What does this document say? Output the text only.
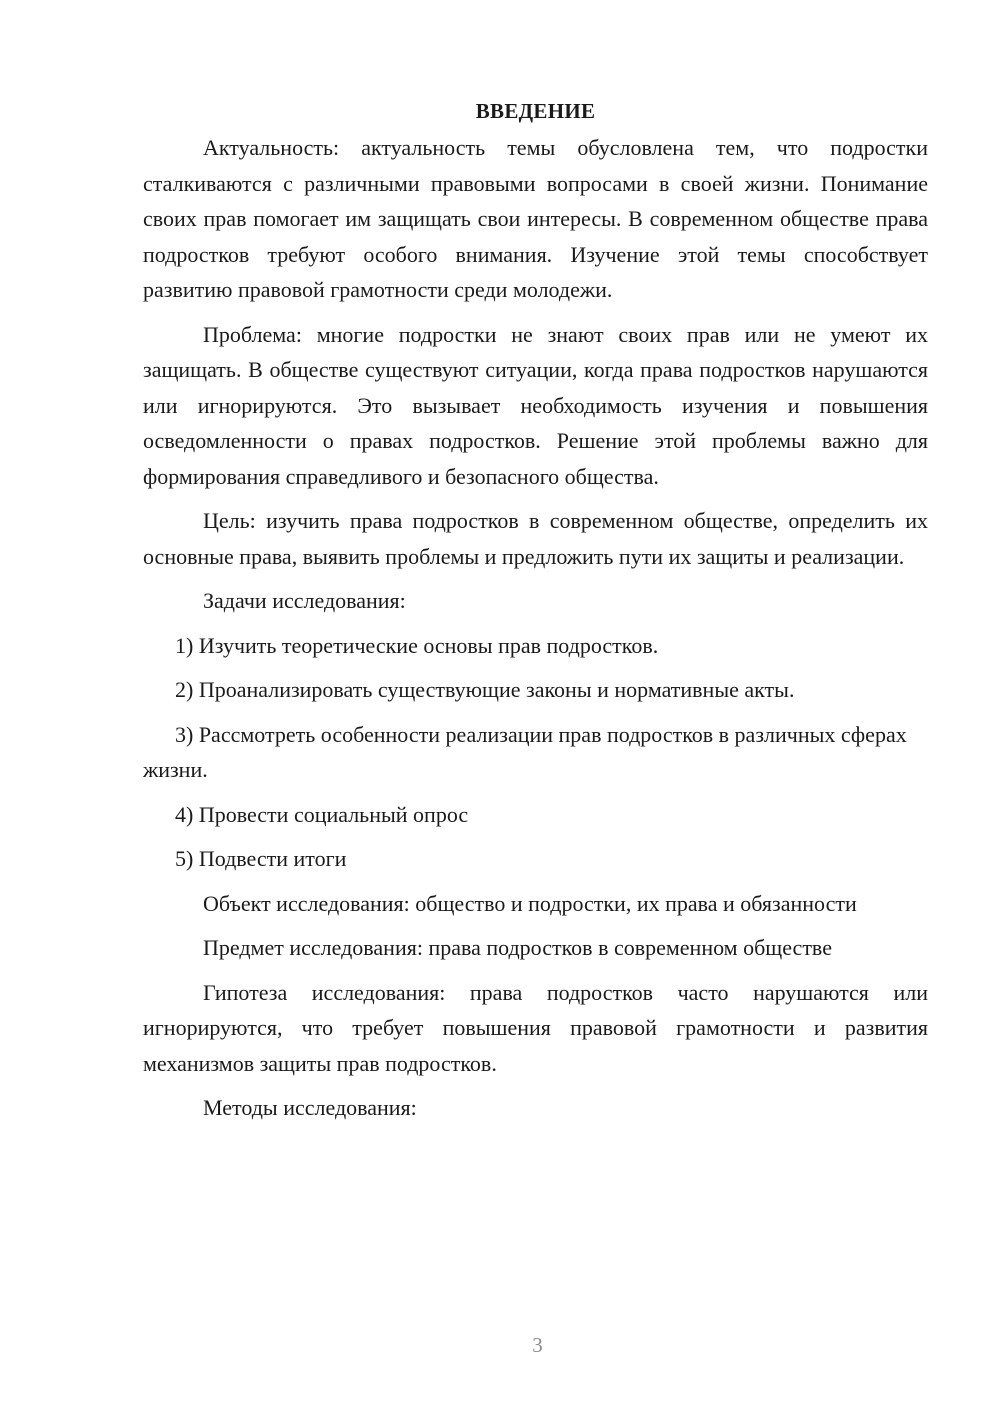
ВВЕДЕНИЕ
Актуальность: актуальность темы обусловлена тем, что подростки сталкиваются с различными правовыми вопросами в своей жизни. Понимание своих прав помогает им защищать свои интересы. В современном обществе права подростков требуют особого внимания. Изучение этой темы способствует развитию правовой грамотности среди молодежи.
Проблема: многие подростки не знают своих прав или не умеют их защищать. В обществе существуют ситуации, когда права подростков нарушаются или игнорируются. Это вызывает необходимость изучения и повышения осведомленности о правах подростков. Решение этой проблемы важно для формирования справедливого и безопасного общества.
Цель: изучить права подростков в современном обществе, определить их основные права, выявить проблемы и предложить пути их защиты и реализации.
Задачи исследования:
1) Изучить теоретические основы прав подростков.
2) Проанализировать существующие законы и нормативные акты.
3) Рассмотреть особенности реализации прав подростков в различных сферах жизни.
4) Провести социальный опрос
5) Подвести итоги
Объект исследования: общество и подростки, их права и обязанности
Предмет исследования: права подростков в современном обществе
Гипотеза исследования: права подростков часто нарушаются или игнорируются, что требует повышения правовой грамотности и развития механизмов защиты прав подростков.
Методы исследования:
3
